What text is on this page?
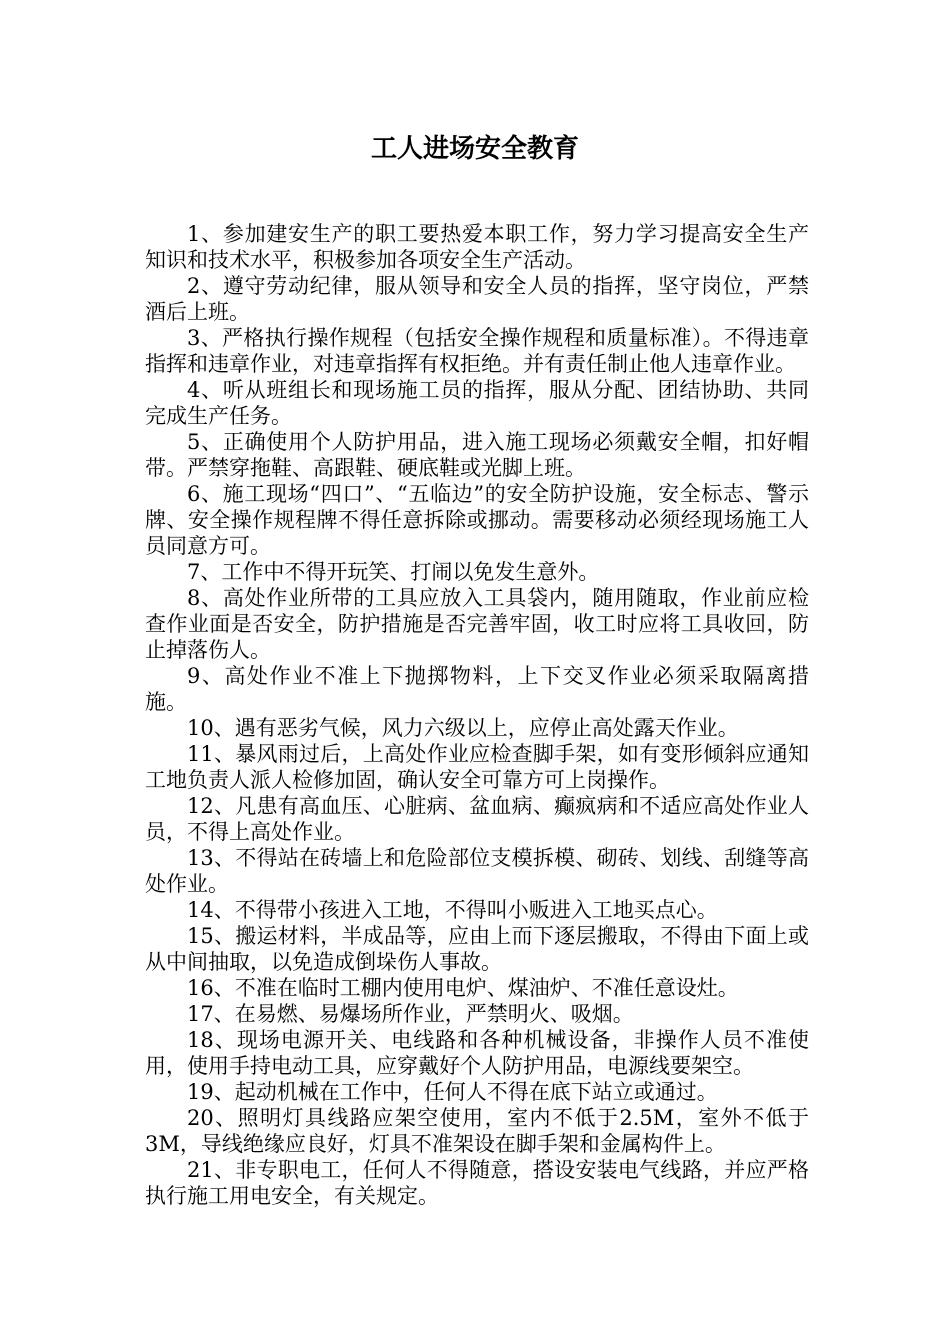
工人进场安全教育

1、参加建安生产的职工要热爱本职工作，努力学习提高安全生产知识和技术水平，积极参加各项安全生产活动。

2、遵守劳动纪律，服从领导和安全人员的指挥，坚守岗位，严禁酒后上班。

3、严格执行操作规程（包括安全操作规程和质量标准）。不得违章指挥和违章作业，对违章指挥有权拒绝。并有责任制止他人违章作业。

4、听从班组长和现场施工员的指挥，服从分配、团结协助、共同完成生产任务。

5、正确使用个人防护用品，进入施工现场必须戴安全帽，扣好帽带。严禁穿拖鞋、高跟鞋、硬底鞋或光脚上班。

6、施工现场“四口”、“五临边”的安全防护设施，安全标志、警示牌、安全操作规程牌不得任意拆除或挪动。需要移动必须经现场施工人员同意方可。

7、工作中不得开玩笑、打闹以免发生意外。

8、高处作业所带的工具应放入工具袋内，随用随取，作业前应检查作业面是否安全，防护措施是否完善牢固，收工时应将工具收回，防止掉落伤人。

9、高处作业不准上下抛掷物料，上下交叉作业必须采取隔离措施。

10、遇有恶劣气候，风力六级以上，应停止高处露天作业。

11、暴风雨过后，上高处作业应检查脚手架，如有变形倾斜应通知工地负责人派人检修加固，确认安全可靠方可上岗操作。

12、凡患有高血压、心脏病、盆血病、癫疯病和不适应高处作业人员，不得上高处作业。

13、不得站在砖墙上和危险部位支模拆模、砌砖、划线、刮缝等高处作业。

14、不得带小孩进入工地，不得叫小贩进入工地买点心。

15、搬运材料，半成品等，应由上而下逐层搬取，不得由下面上或从中间抽取，以免造成倒垛伤人事故。

16、不准在临时工棚内使用电炉、煤油炉、不准任意设灶。

17、在易燃、易爆场所作业，严禁明火、吸烟。

18、现场电源开关、电线路和各种机械设备，非操作人员不准使用，使用手持电动工具，应穿戴好个人防护用品，电源线要架空。

19、起动机械在工作中，任何人不得在底下站立或通过。

20、照明灯具线路应架空使用，室内不低于2.5M，室外不低于3M，导线绝缘应良好，灯具不准架设在脚手架和金属构件上。

21、非专职电工，任何人不得随意，搭设安装电气线路，并应严格执行施工用电安全，有关规定。
